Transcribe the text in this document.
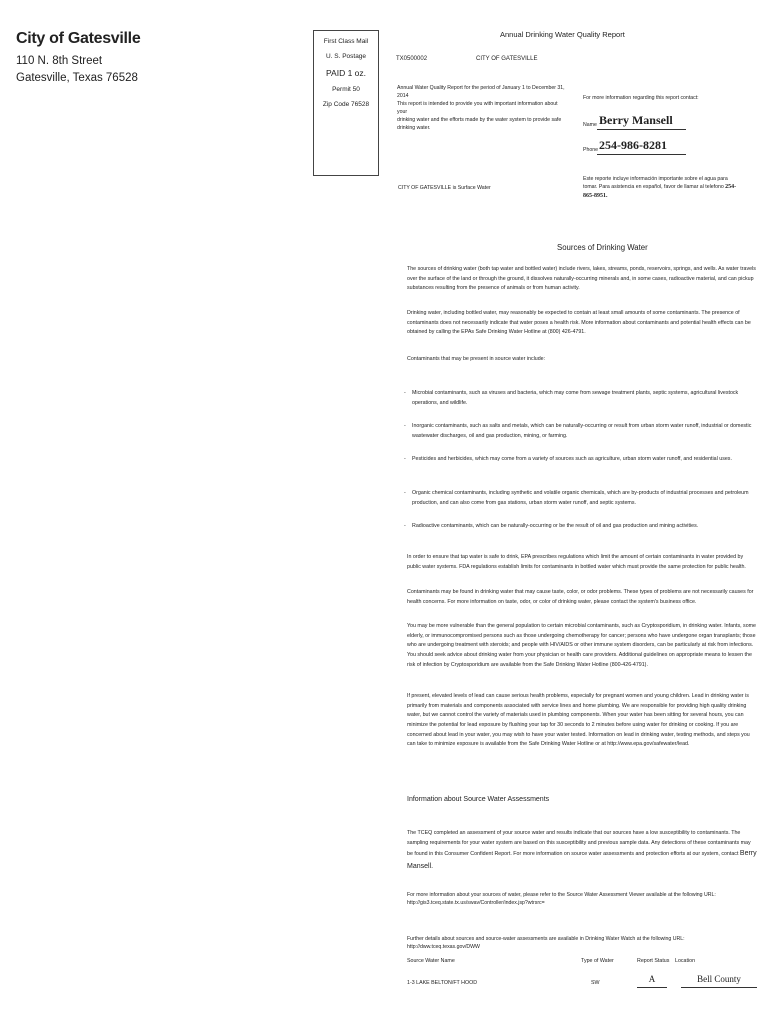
City of Gatesville
110 N. 8th Street
Gatesville, Texas 76528
First Class Mail
U. S. Postage
PAID 1 oz.
Permit 50
Zip Code 76528
Annual Drinking Water Quality Report
TX0500002	CITY OF GATESVILLE
Annual Water Quality Report for the period of January 1 to December 31, 2014
This report is intended to provide you with important information about your
drinking water and the efforts made by the water system to provide safe
drinking water.
For more information regarding this report contact:
Name Berry Mansell
Phone 254-986-8281
Este reporte incluye información importante sobre el agua para tomar. Para asistencia en español, favor de llamar al telefono 254-865-8951.
CITY OF GATESVILLE is Surface Water
Sources of Drinking Water
The sources of drinking water (both tap water and bottled water) include rivers, lakes, streams, ponds, reservoirs, springs, and wells. As water travels over the surface of the land or through the ground, it dissolves naturally-occurring minerals and, in some cases, radioactive material, and can pickup substances resulting from the presence of animals or from human activity.
Drinking water, including bottled water, may reasonably be expected to contain at least small amounts of some contaminants. The presence of contaminants does not necessarily indicate that water poses a health risk. More information about contaminants and potential health effects can be obtained by calling the EPAs Safe Drinking Water Hotline at (800) 426-4791.
Contaminants that may be present in source water include:
- Microbial contaminants, such as viruses and bacteria, which may come from sewage treatment plants, septic systems, agricultural livestock operations, and wildlife.
- Inorganic contaminants, such as salts and metals, which can be naturally-occurring or result from urban storm water runoff, industrial or domestic wastewater discharges, oil and gas production, mining, or farming.
- Pesticides and herbicides, which may come from a variety of sources such as agriculture, urban storm water runoff, and residential uses.
- Organic chemical contaminants, including synthetic and volatile organic chemicals, which are by-products of industrial processes and petroleum production, and can also come from gas stations, urban storm water runoff, and septic systems.
- Radioactive contaminants, which can be naturally-occurring or be the result of oil and gas production and mining activities.
In order to ensure that tap water is safe to drink, EPA prescribes regulations which limit the amount of certain contaminants in water provided by public water systems. FDA regulations establish limits for contaminants in bottled water which must provide the same protection for public health.
Contaminants may be found in drinking water that may cause taste, color, or odor problems. These types of problems are not necessarily causes for health concerns. For more information on taste, odor, or color of drinking water, please contact the system's business office.
You may be more vulnerable than the general population to certain microbial contaminants, such as Cryptosporidium, in drinking water. Infants, some elderly, or immunocompromised persons such as those undergoing chemotherapy for cancer; persons who have undergone organ transplants; those who are undergoing treatment with steroids; and people with HIV/AIDS or other immune system disorders, can be particularly at risk from infections. You should seek advice about drinking water from your physician or health care providers. Additional guidelines on appropriate means to lessen the risk of infection by Cryptosporidium are available from the Safe Drinking Water Hotline (800-426-4791).
If present, elevated levels of lead can cause serious health problems, especially for pregnant women and young children. Lead in drinking water is primarily from materials and components associated with service lines and home plumbing. We are responsible for providing high quality drinking water, but we cannot control the variety of materials used in plumbing components. When your water has been sitting for several hours, you can minimize the potential for lead exposure by flushing your tap for 30 seconds to 2 minutes before using water for drinking or cooking. If you are concerned about lead in your water, you may wish to have your water tested. Information on lead in drinking water, testing methods, and steps you can take to minimize exposure is available from the Safe Drinking Water Hotline or at http://www.epa.gov/safewater/lead.
Information about Source Water Assessments
The TCEQ completed an assessment of your source water and results indicate that our sources have a low susceptibility to contaminants. The sampling requirements for your water system are based on this susceptibility and previous sample data. Any detections of these contaminants may be found in this Consumer Confident Report. For more information on source water assessments and protection efforts at our system, contact Berry Mansell.
For more information about your sources of water, please refer to the Source Water Assessment Viewer available at the following URL:
http://gis3.tceq.state.tx.us/swav/Controller/index.jsp?wtrsrc=
Further details about sources and source-water assessments are available in Drinking Water Watch at the following URL: http://dww.tceq.texas.gov/DWW
Source Water Name	Type of Water	Report Status Location
1-3 LAKE BELTON/FT HOOD	SW	A	Bell County
